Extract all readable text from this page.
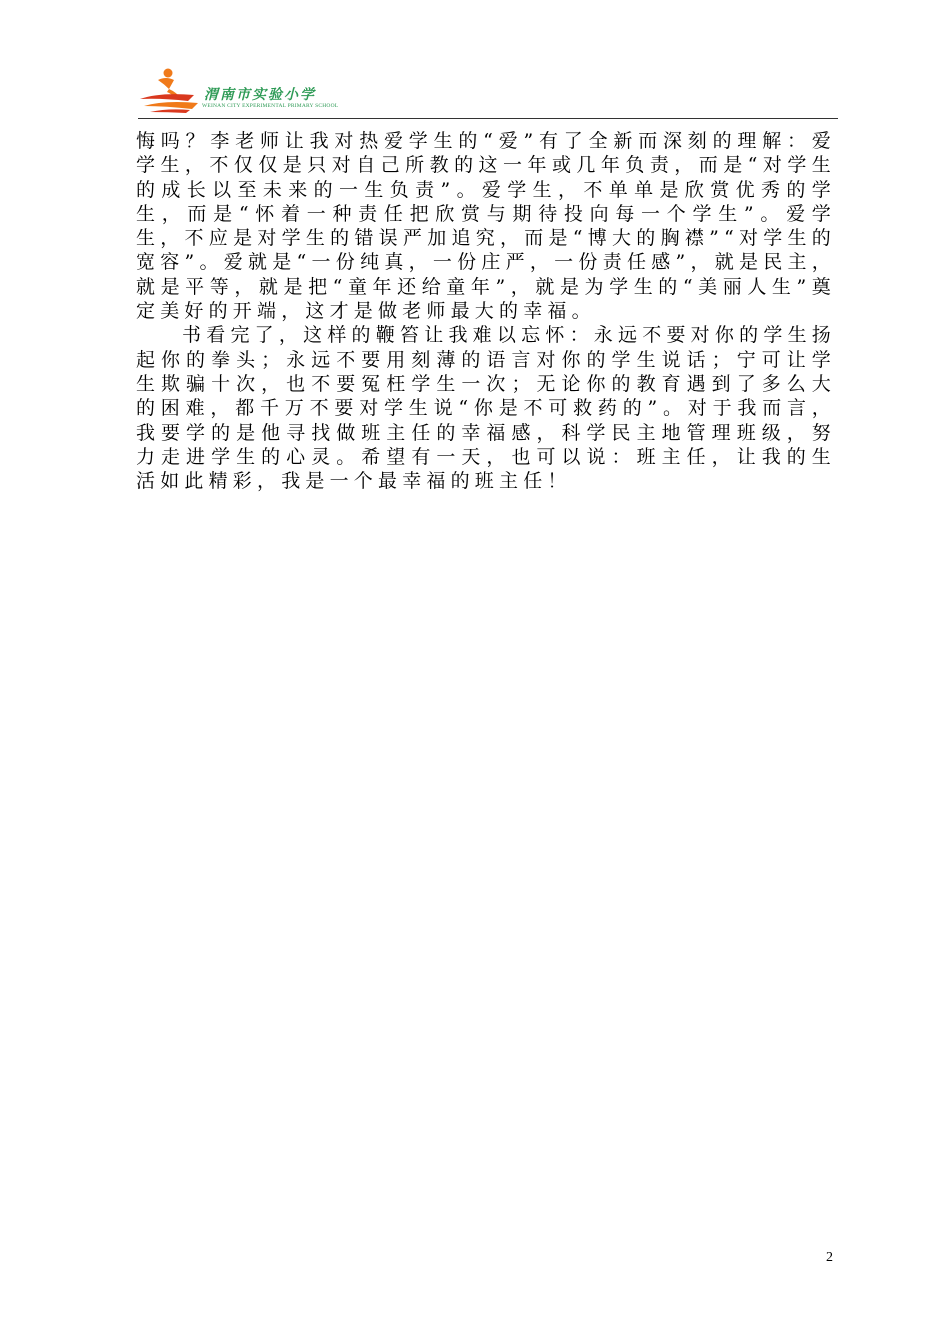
渭南市实验小学
WEINAN CITY EXPERIMENTAL PRIMARY SCHOOL

悔吗？李老师让我对热爱学生的“爱”有了全新而深刻的理解：爱学生，不仅仅是只对自己所教的这一年或几年负责，而是“对学生的成长以至未来的一生负责”。爱学生，不单单是欣赏优秀的学生，而是“怀着一种责任把欣赏与期待投向每一个学生”。爱学生，不应是对学生的错误严加追究，而是“博大的胸襟”“对学生的宽容”。爱就是“一份纯真，一份庄严，一份责任感”，就是民主，就是平等，就是把“童年还给童年”，就是为学生的“美丽人生”奠定美好的开端，这才是做老师最大的幸福。

书看完了，这样的鞭笞让我难以忘怀：永远不要对你的学生扬起你的拳头；永远不要用刻薄的语言对你的学生说话；宁可让学生欺骗十次，也不要冤枉学生一次；无论你的教育遇到了多么大的困难，都千万不要对学生说“你是不可救药的”。对于我而言，我要学的是他寻找做班主任的幸福感，科学民主地管理班级，努力走进学生的心灵。希望有一天，也可以说：班主任，让我的生活如此精彩，我是一个最幸福的班主任！

2
